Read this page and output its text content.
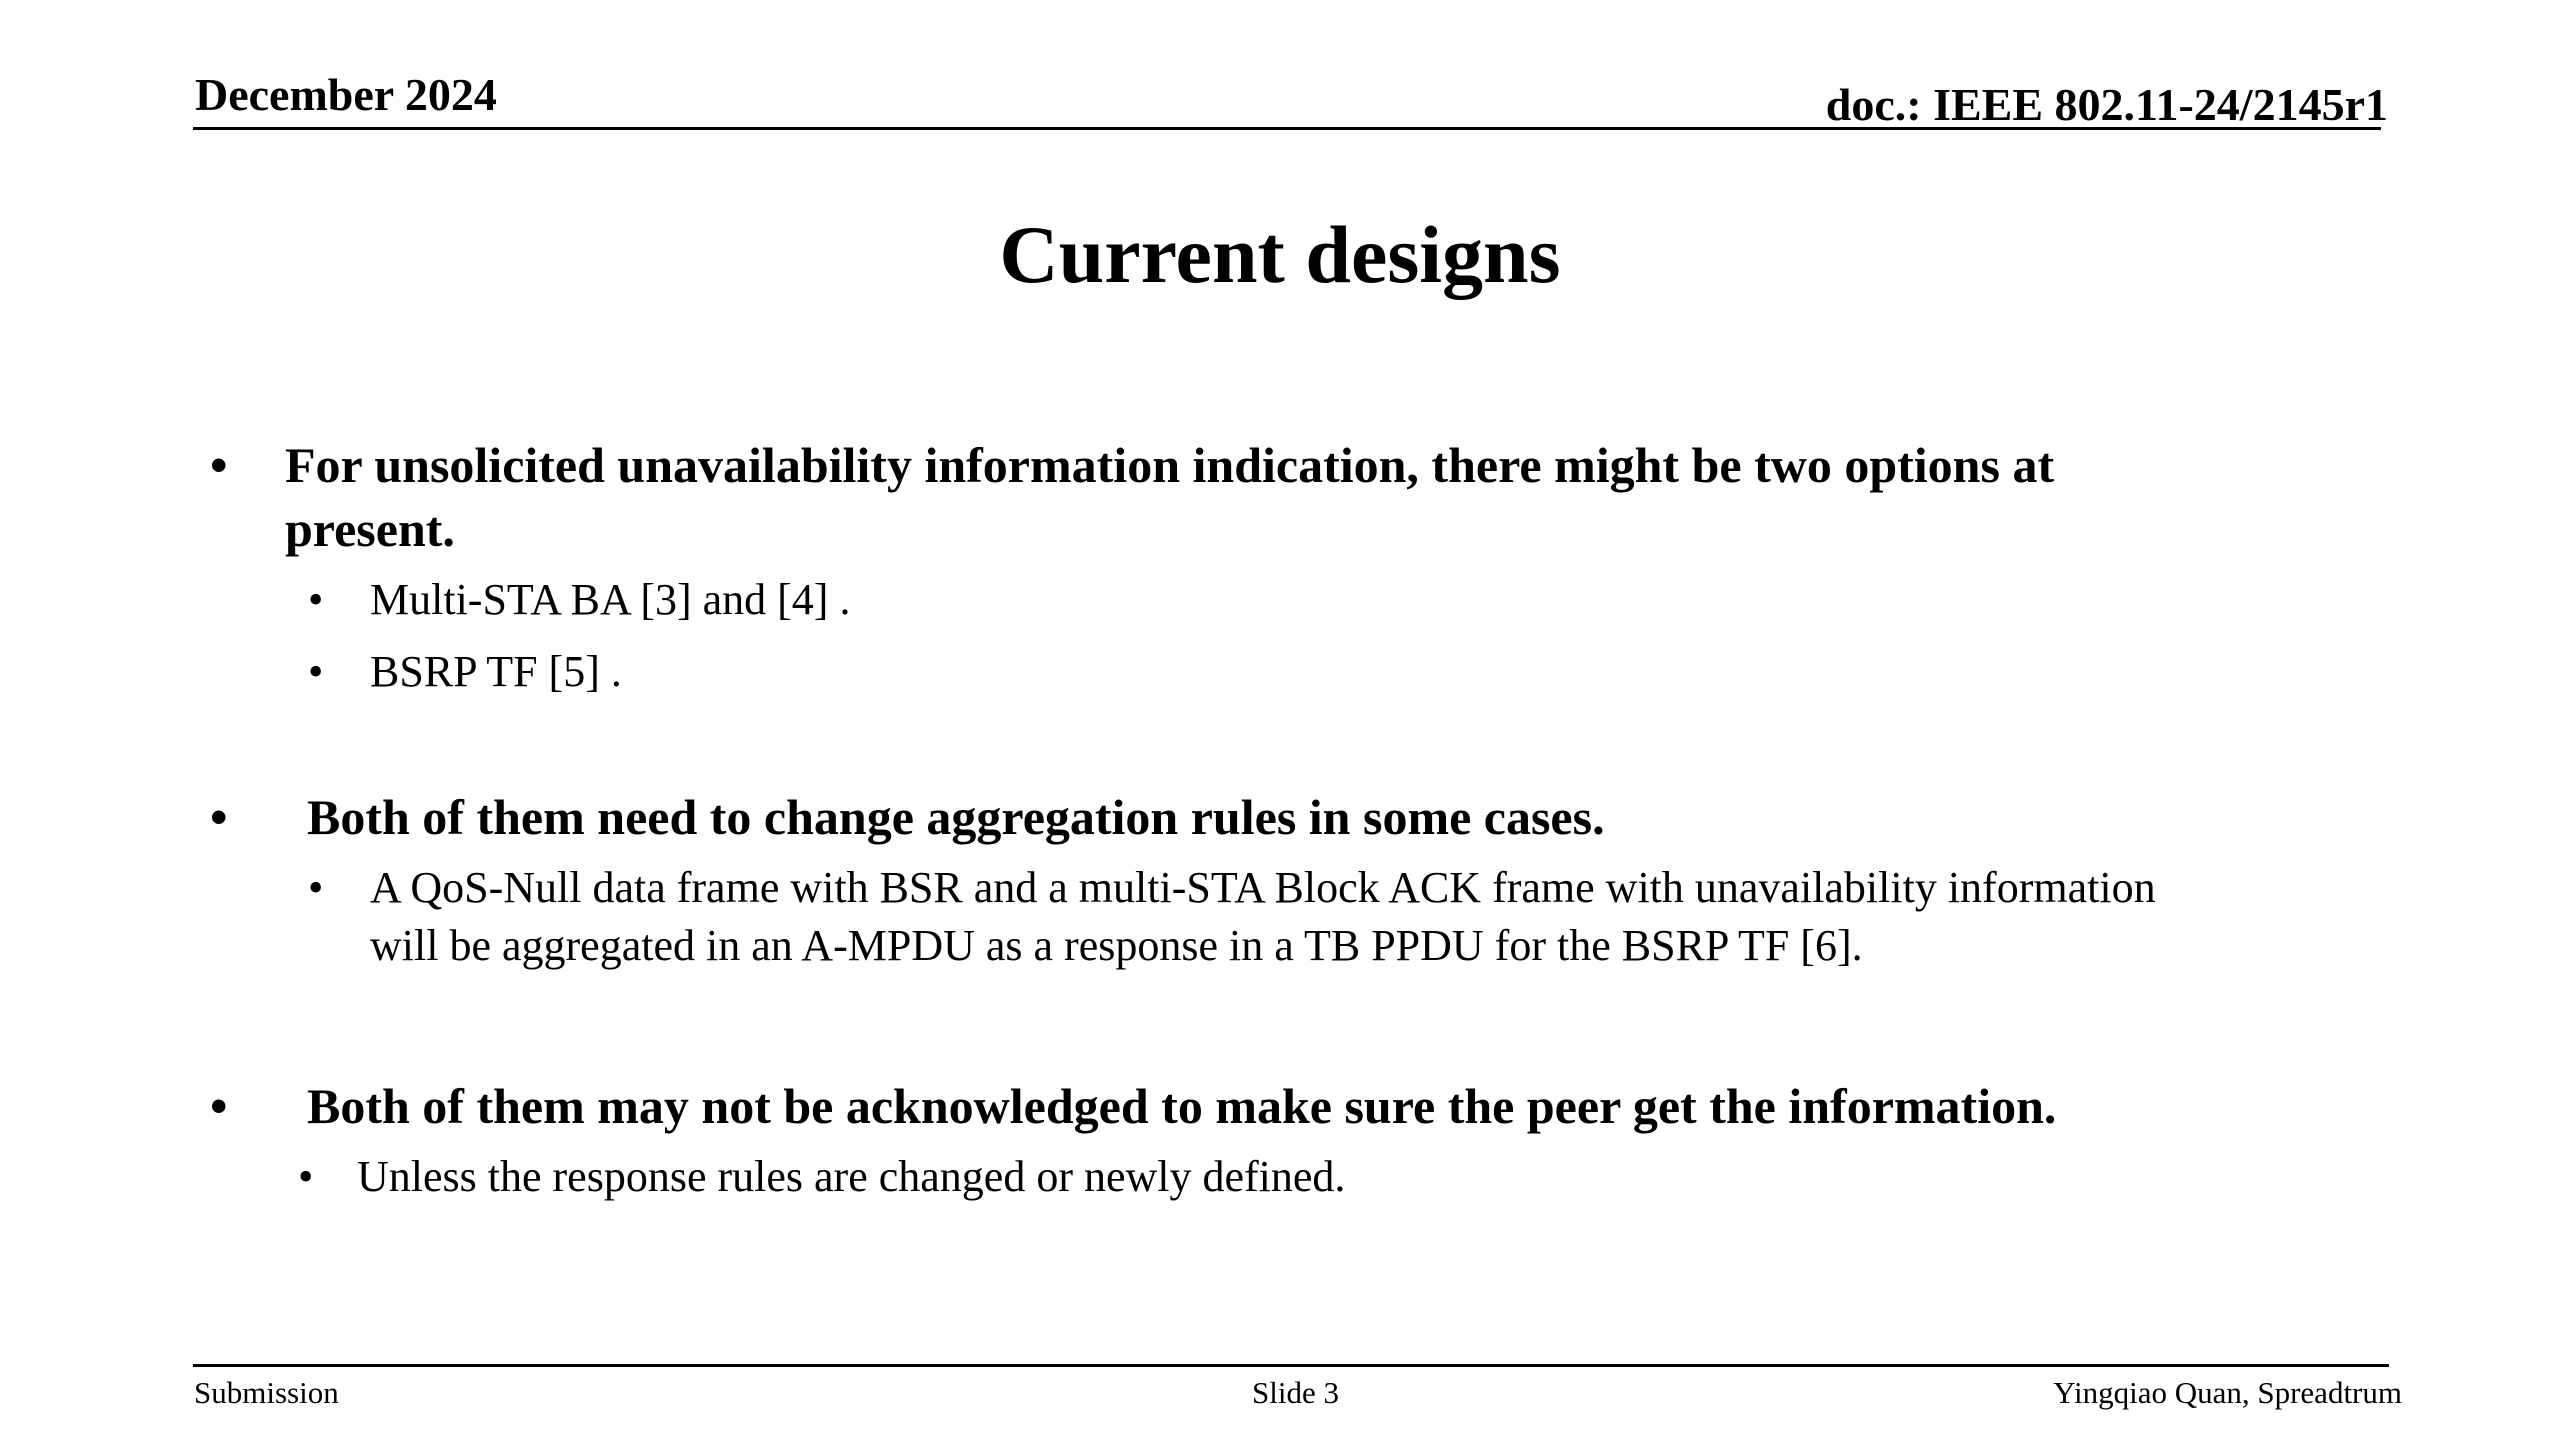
December 2024	doc.: IEEE 802.11-24/2145r1
Current designs
• For unsolicited unavailability information indication, there might be two options at
present.
• Multi-STA BA [3] and [4] .
• BSRP TF [5] .
• Both of them need to change aggregation rules in some cases.
• A QoS-Null data frame with BSR and a multi-STA Block ACK frame with unavailability information
will be aggregated in an A-MPDU as a response in a TB PPDU for the BSRP TF [6].
• Both of them may not be acknowledged to make sure the peer get the information.
• Unless the response rules are changed or newly defined.
Submission	Slide 3	Yingqiao Quan, Spreadtrum
